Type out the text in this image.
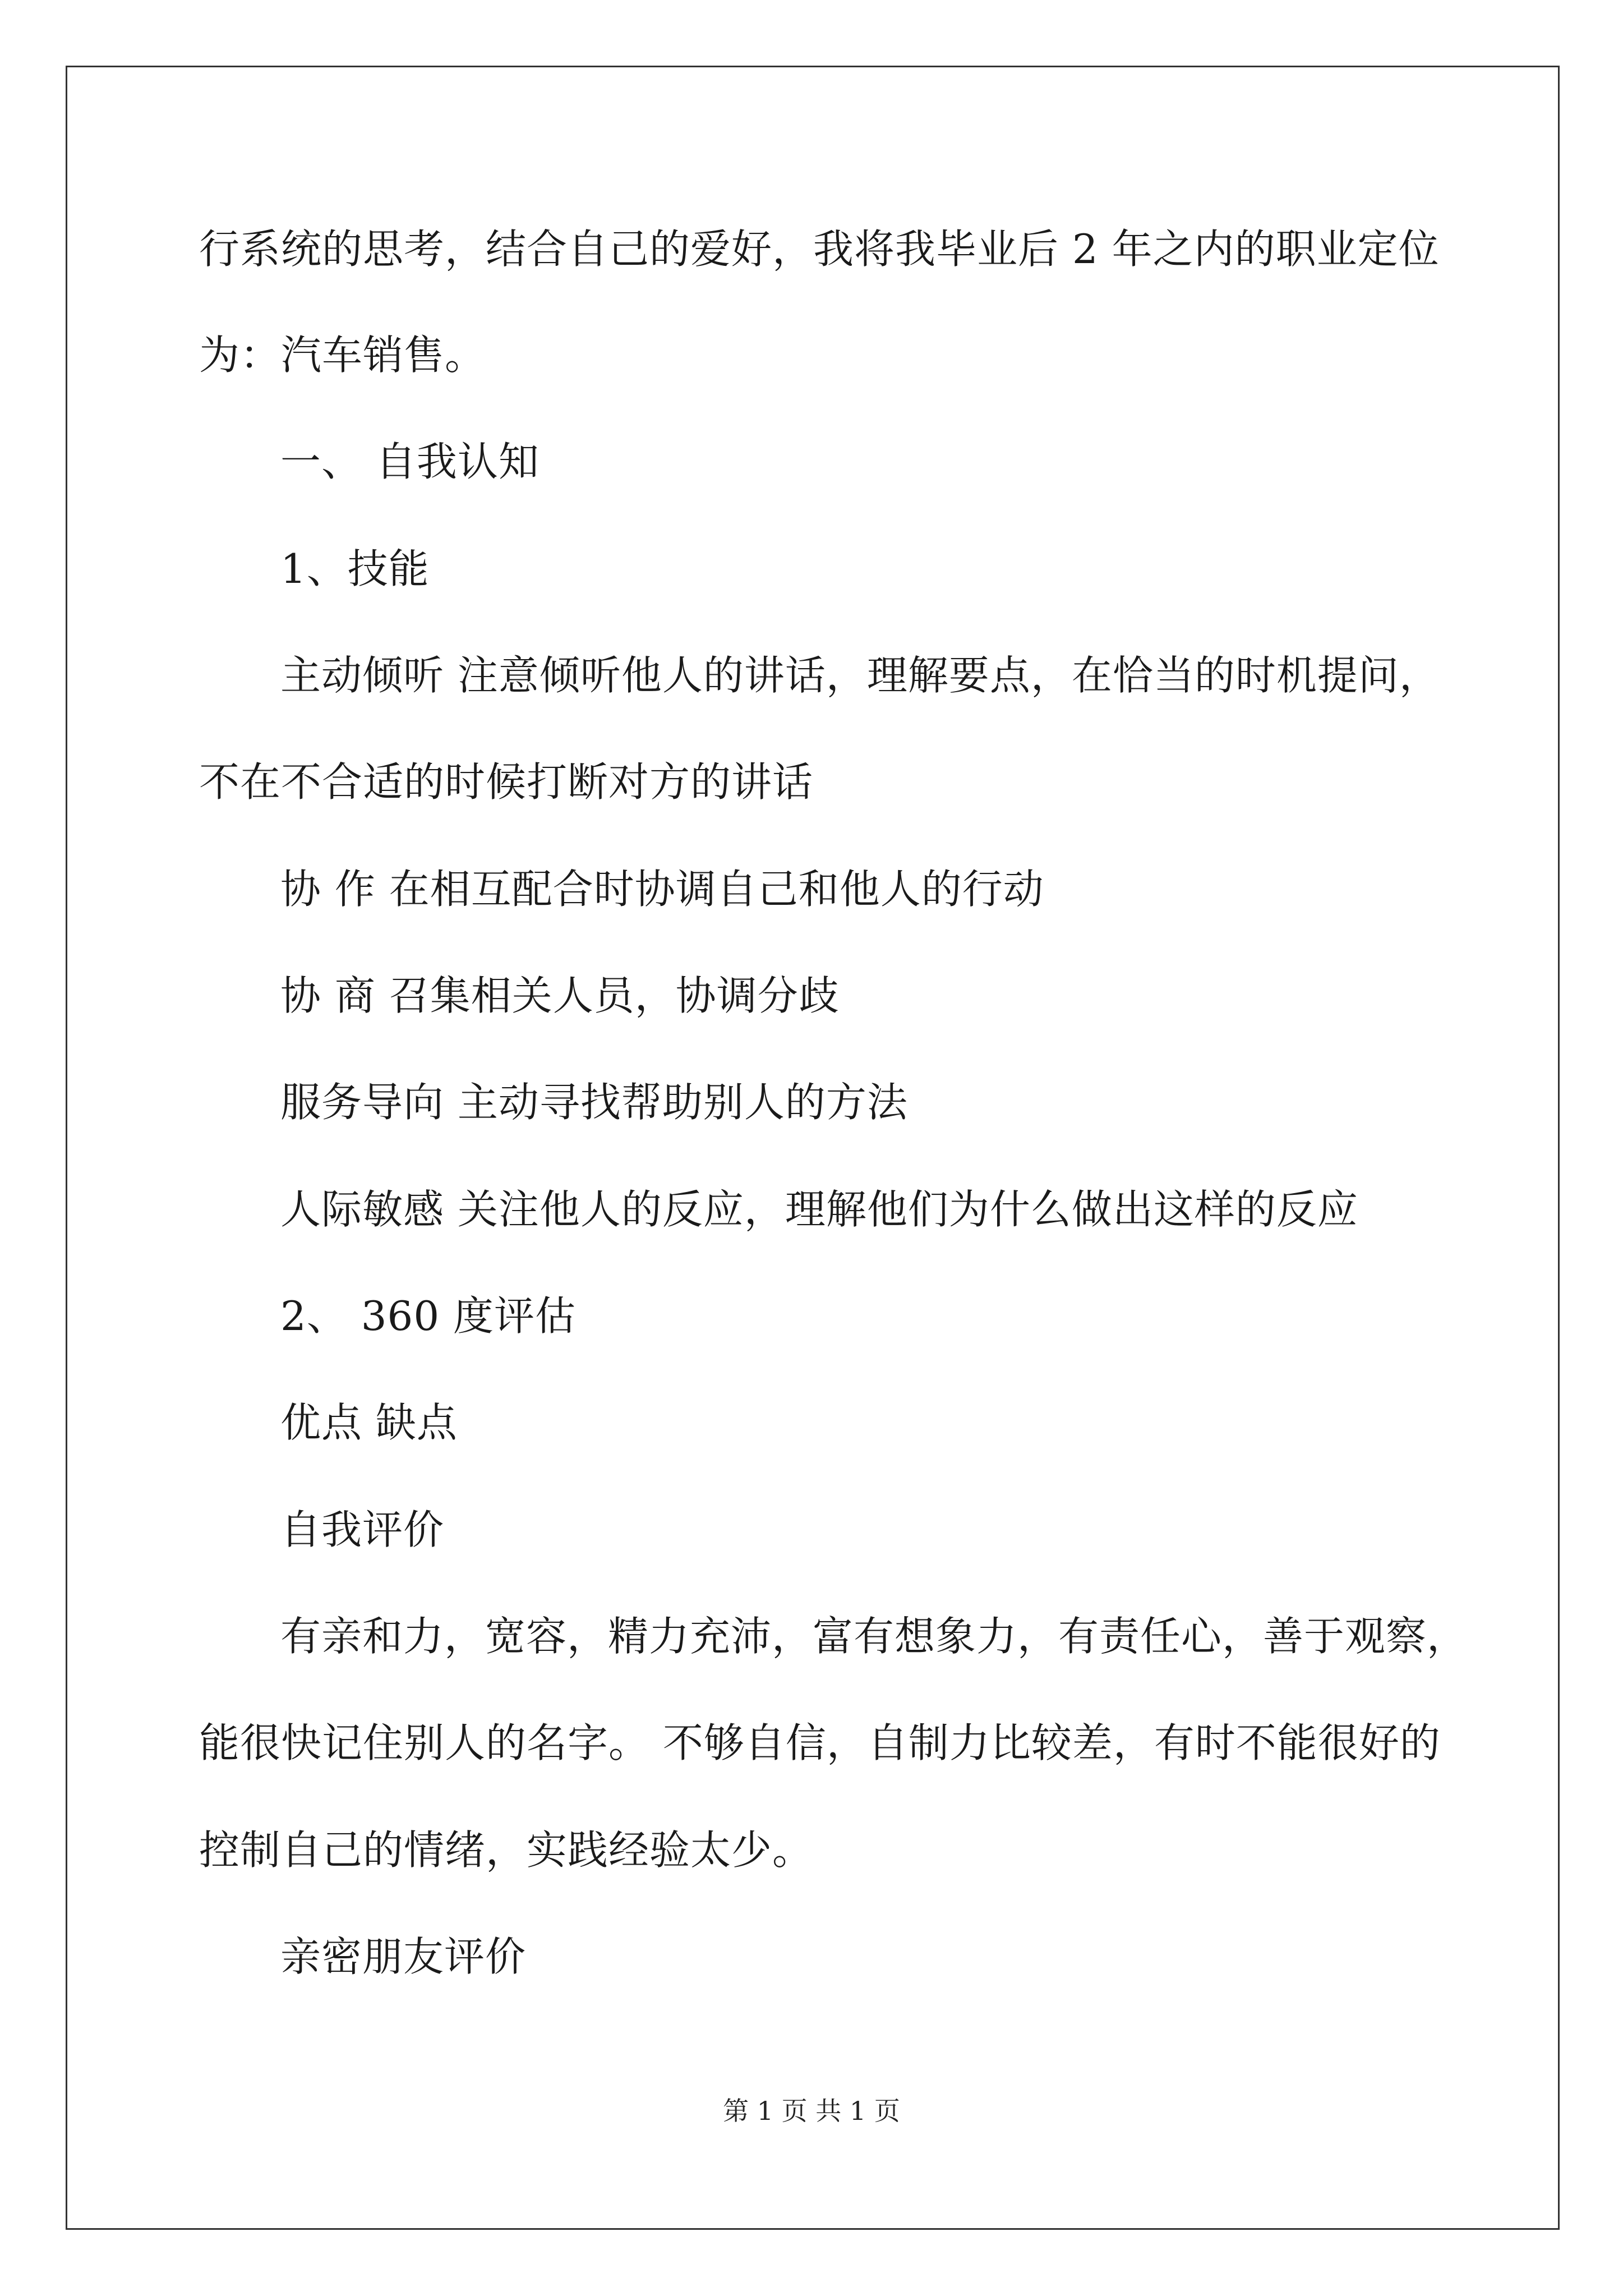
行系统的思考，结合自己的爱好，我将我毕业后 2 年之内的职业定位
为：汽车销售。
一、 自我认知
1、技能
主动倾听 注意倾听他人的讲话，理解要点，在恰当的时机提问，
不在不合适的时候打断对方的讲话
协 作 在相互配合时协调自己和他人的行动
协 商 召集相关人员，协调分歧
服务导向 主动寻找帮助别人的方法
人际敏感 关注他人的反应，理解他们为什么做出这样的反应
2、 360 度评估
优点 缺点
自我评价
有亲和力，宽容，精力充沛，富有想象力，有责任心，善于观察，
能很快记住别人的名字。 不够自信，自制力比较差，有时不能很好的
控制自己的情绪，实践经验太少。
亲密朋友评价
第 1 页 共 1 页
